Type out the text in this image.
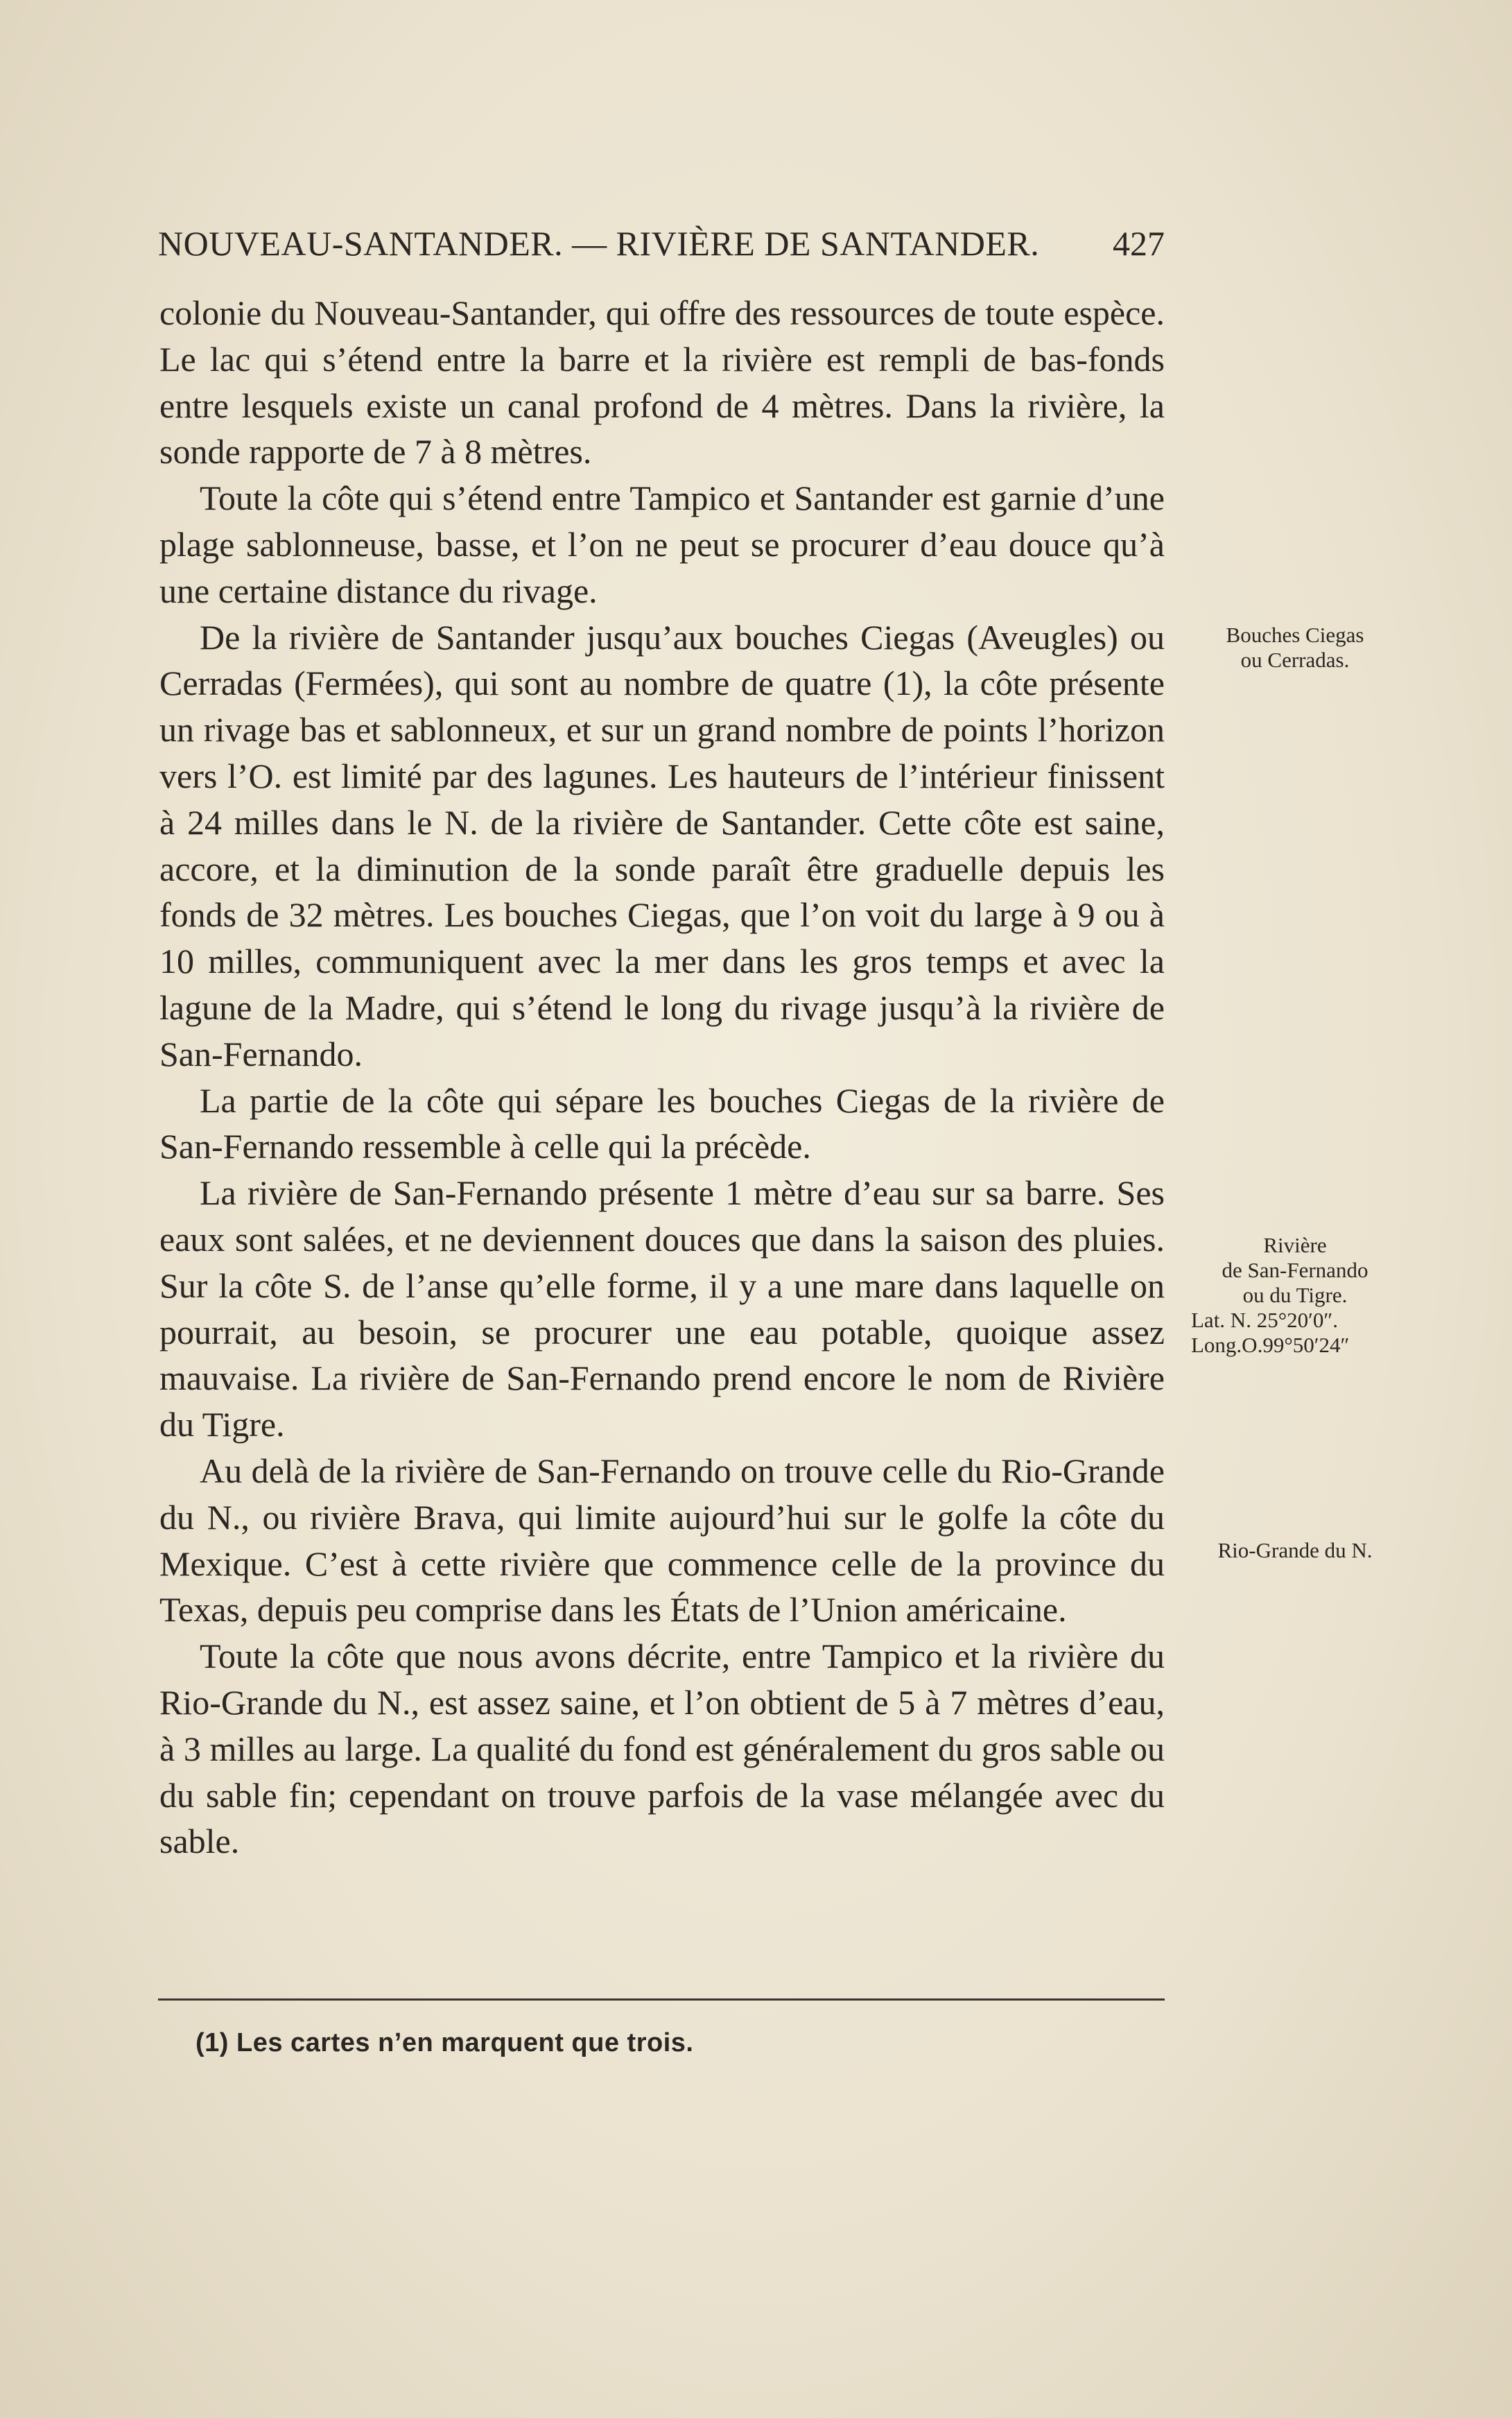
NOUVEAU-SANTANDER. — RIVIÈRE DE SANTANDER. 427

colonie du Nouveau-Santander, qui offre des ressources de toute espèce. Le lac qui s’étend entre la barre et la rivière est rempli de bas-fonds entre lesquels existe un canal profond de 4 mètres. Dans la rivière, la sonde rapporte de 7 à 8 mètres.

Toute la côte qui s’étend entre Tampico et Santander est garnie d’une plage sablonneuse, basse, et l’on ne peut se procurer d’eau douce qu’à une certaine distance du rivage.

De la rivière de Santander jusqu’aux bouches Ciegas (Aveugles) ou Cerradas (Fermées), qui sont au nombre de quatre (1), la côte présente un rivage bas et sablonneux, et sur un grand nombre de points l’horizon vers l’O. est limité par des lagunes. Les hauteurs de l’intérieur finissent à 24 milles dans le N. de la rivière de Santander. Cette côte est saine, accore, et la diminution de la sonde paraît être graduelle depuis les fonds de 32 mètres. Les bouches Ciegas, que l’on voit du large à 9 ou à 10 milles, communiquent avec la mer dans les gros temps et avec la lagune de la Madre, qui s’étend le long du rivage jusqu’à la rivière de San-Fernando.

La partie de la côte qui sépare les bouches Ciegas de la rivière de San-Fernando ressemble à celle qui la précède.

La rivière de San-Fernando présente 1 mètre d’eau sur sa barre. Ses eaux sont salées, et ne deviennent douces que dans la saison des pluies. Sur la côte S. de l’anse qu’elle forme, il y a une mare dans laquelle on pourrait, au besoin, se procurer une eau potable, quoique assez mauvaise. La rivière de San-Fernando prend encore le nom de Rivière du Tigre.

Au delà de la rivière de San-Fernando on trouve celle du Rio-Grande du N., ou rivière Brava, qui limite aujourd’hui sur le golfe la côte du Mexique. C’est à cette rivière que commence celle de la province du Texas, depuis peu comprise dans les États de l’Union américaine.

Toute la côte que nous avons décrite, entre Tampico et la rivière du Rio-Grande du N., est assez saine, et l’on obtient de 5 à 7 mètres d’eau, à 3 milles au large. La qualité du fond est généralement du gros sable ou du sable fin; cependant on trouve parfois de la vase mélangée avec du sable.

Bouches Ciegas
ou Cerradas.
Rivière
de San-Fernando
ou du Tigre.
Lat. N. 25°20′0″.
Long.O.99°50′24″
Rio-Grande du N.
(1) Les cartes n’en marquent que trois.
